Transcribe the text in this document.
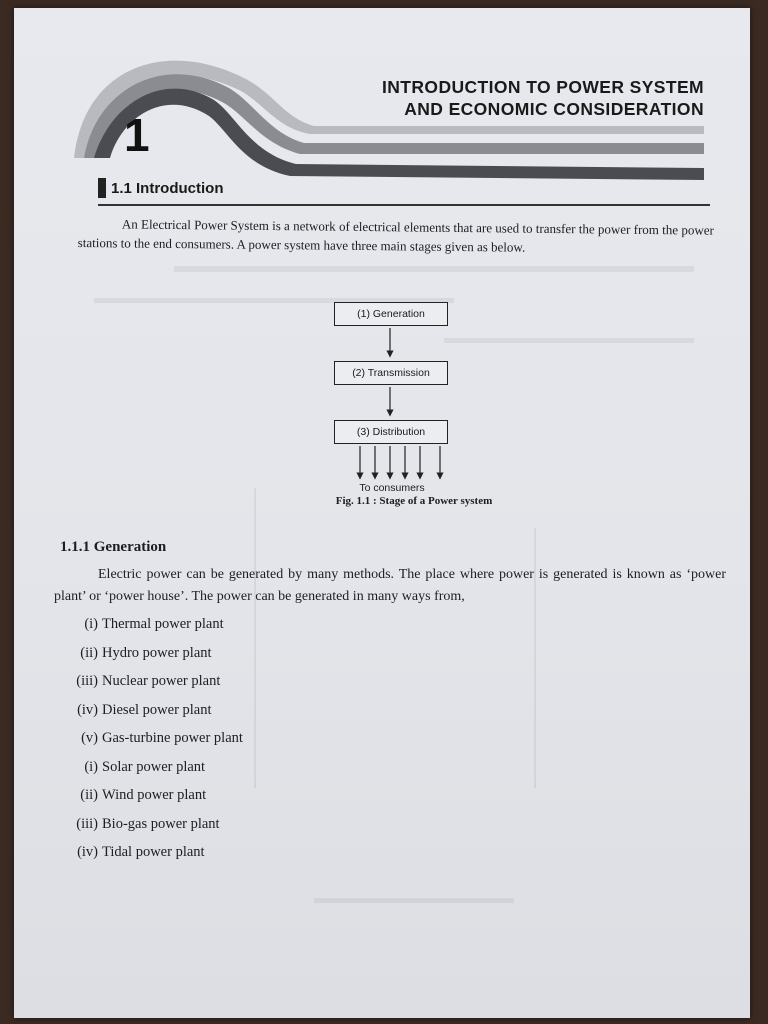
1
INTRODUCTION TO POWER SYSTEM
AND ECONOMIC CONSIDERATION
1.1 Introduction

An Electrical Power System is a network of electrical elements that are used to transfer the power from the power stations to the end consumers. A power system have three main stages given as below.

(1) Generation
(2) Transmission
(3) Distribution
To consumers
Fig. 1.1 : Stage of a Power system
1.1.1 Generation

Electric power can be generated by many methods. The place where power is generated is known as ‘power plant’ or ‘power house’. The power can be generated in many ways from,

(i) Thermal power plant
(ii) Hydro power plant
(iii) Nuclear power plant
(iv) Diesel power plant
(v) Gas-turbine power plant
(i) Solar power plant
(ii) Wind power plant
(iii) Bio-gas power plant
(iv) Tidal power plant
